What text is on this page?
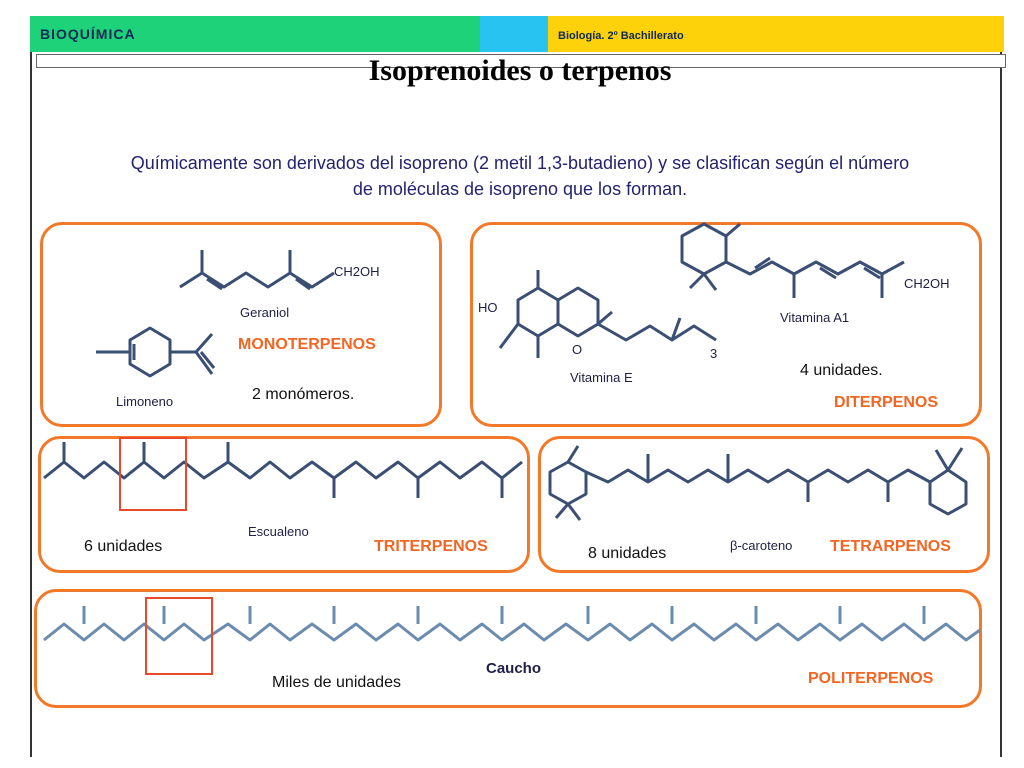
BIOQUÍMICA	Biología. 2º Bachillerato
Isoprenoides o terpenos
Químicamente son derivados del isopreno (2 metil 1,3-butadieno) y se clasifican según el número de moléculas de isopreno que los forman.
CH2OH
Geraniol
Limoneno
MONOTERPENOS
2 monómeros.
CH2OH
HO
O	3
Vitamina A1
Vitamina E	4 unidades.
DITERPENOS
Escualeno
6 unidades	TRITERPENOS	β-caroteno
8 unidades	TETRARPENOS
Caucho
Miles de unidades	POLITERPENOS
